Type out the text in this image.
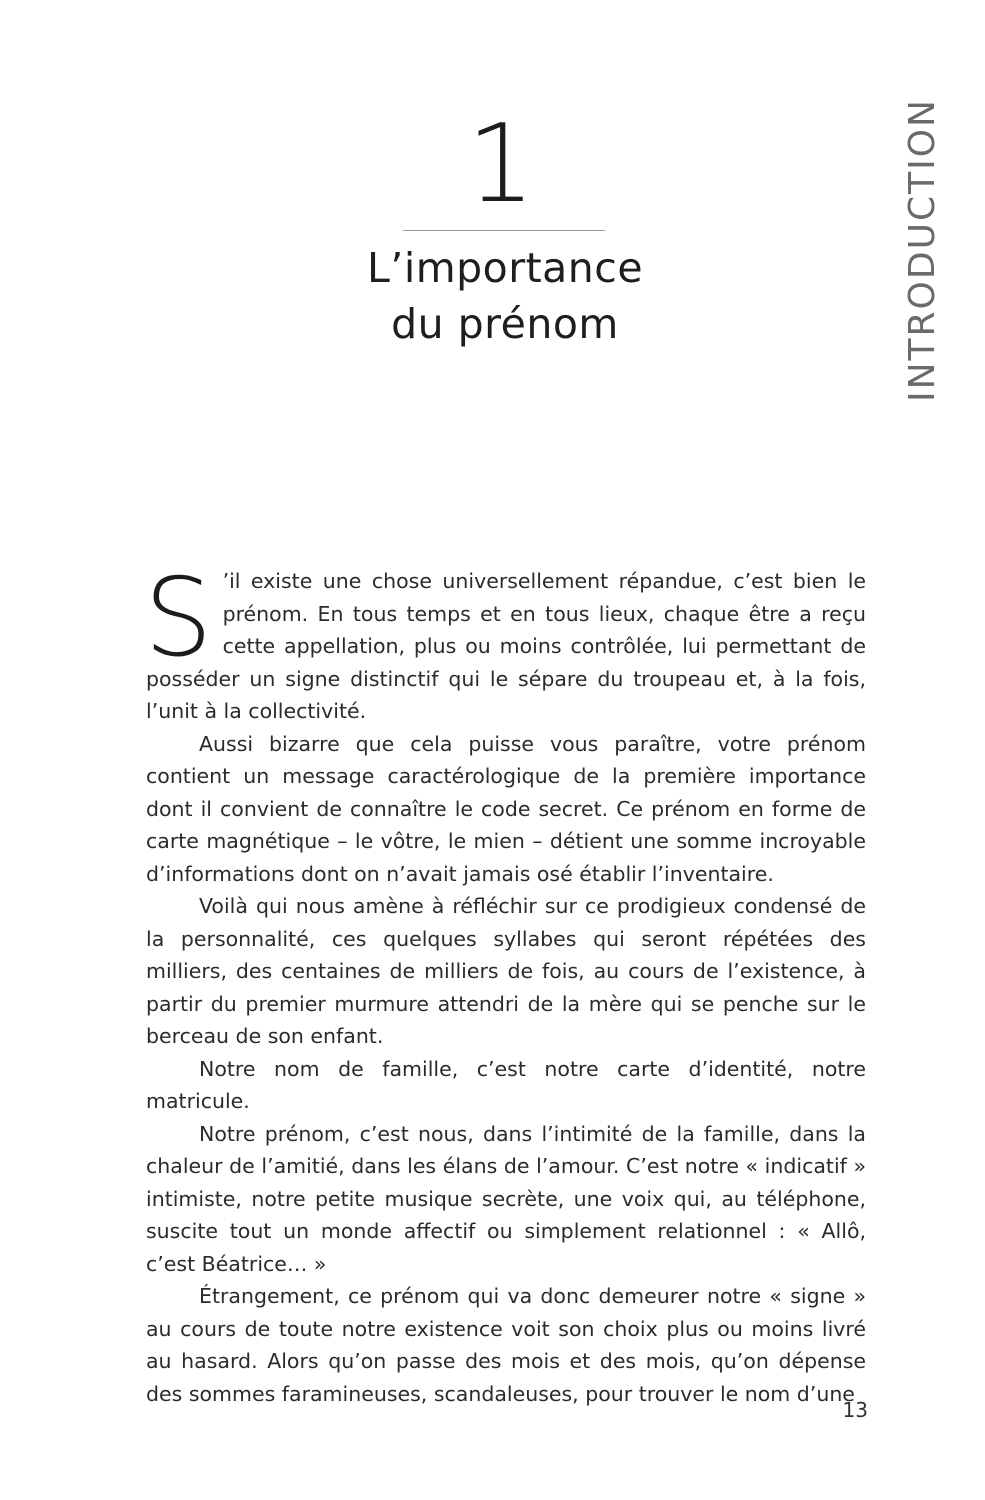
1
L’importance
du prénom	INTRODUCTION

S ’il existe une chose universellement répandue, c’est bien le prénom. En tous temps et en tous lieux, chaque être a reçu cette appellation, plus ou moins contrôlée, lui permettant de posséder un signe distinctif qui le sépare du troupeau et, à la fois, l’unit à la collectivité.

Aussi bizarre que cela puisse vous paraître, votre prénom contient un message caractérologique de la première importance dont il convient de connaître le code secret. Ce prénom en forme de carte magnétique – le vôtre, le mien – détient une somme incroyable d’informations dont on n’avait jamais osé établir l’inventaire.

Voilà qui nous amène à réfléchir sur ce prodigieux condensé de la personnalité, ces quelques syllabes qui seront répétées des milliers, des centaines de milliers de fois, au cours de l’existence, à partir du premier murmure attendri de la mère qui se penche sur le berceau de son enfant.

Notre nom de famille, c’est notre carte d’identité, notre matricule.

Notre prénom, c’est nous, dans l’intimité de la famille, dans la chaleur de l’amitié, dans les élans de l’amour. C’est notre « indicatif » intimiste, notre petite musique secrète, une voix qui, au téléphone, suscite tout un monde affectif ou simplement relationnel : « Allô, c’est Béatrice… »

Étrangement, ce prénom qui va donc demeurer notre « signe » au cours de toute notre existence voit son choix plus ou moins livré au hasard. Alors qu’on passe des mois et des mois, qu’on dépense des sommes faramineuses, scandaleuses, pour trouver le nom d’une

13
